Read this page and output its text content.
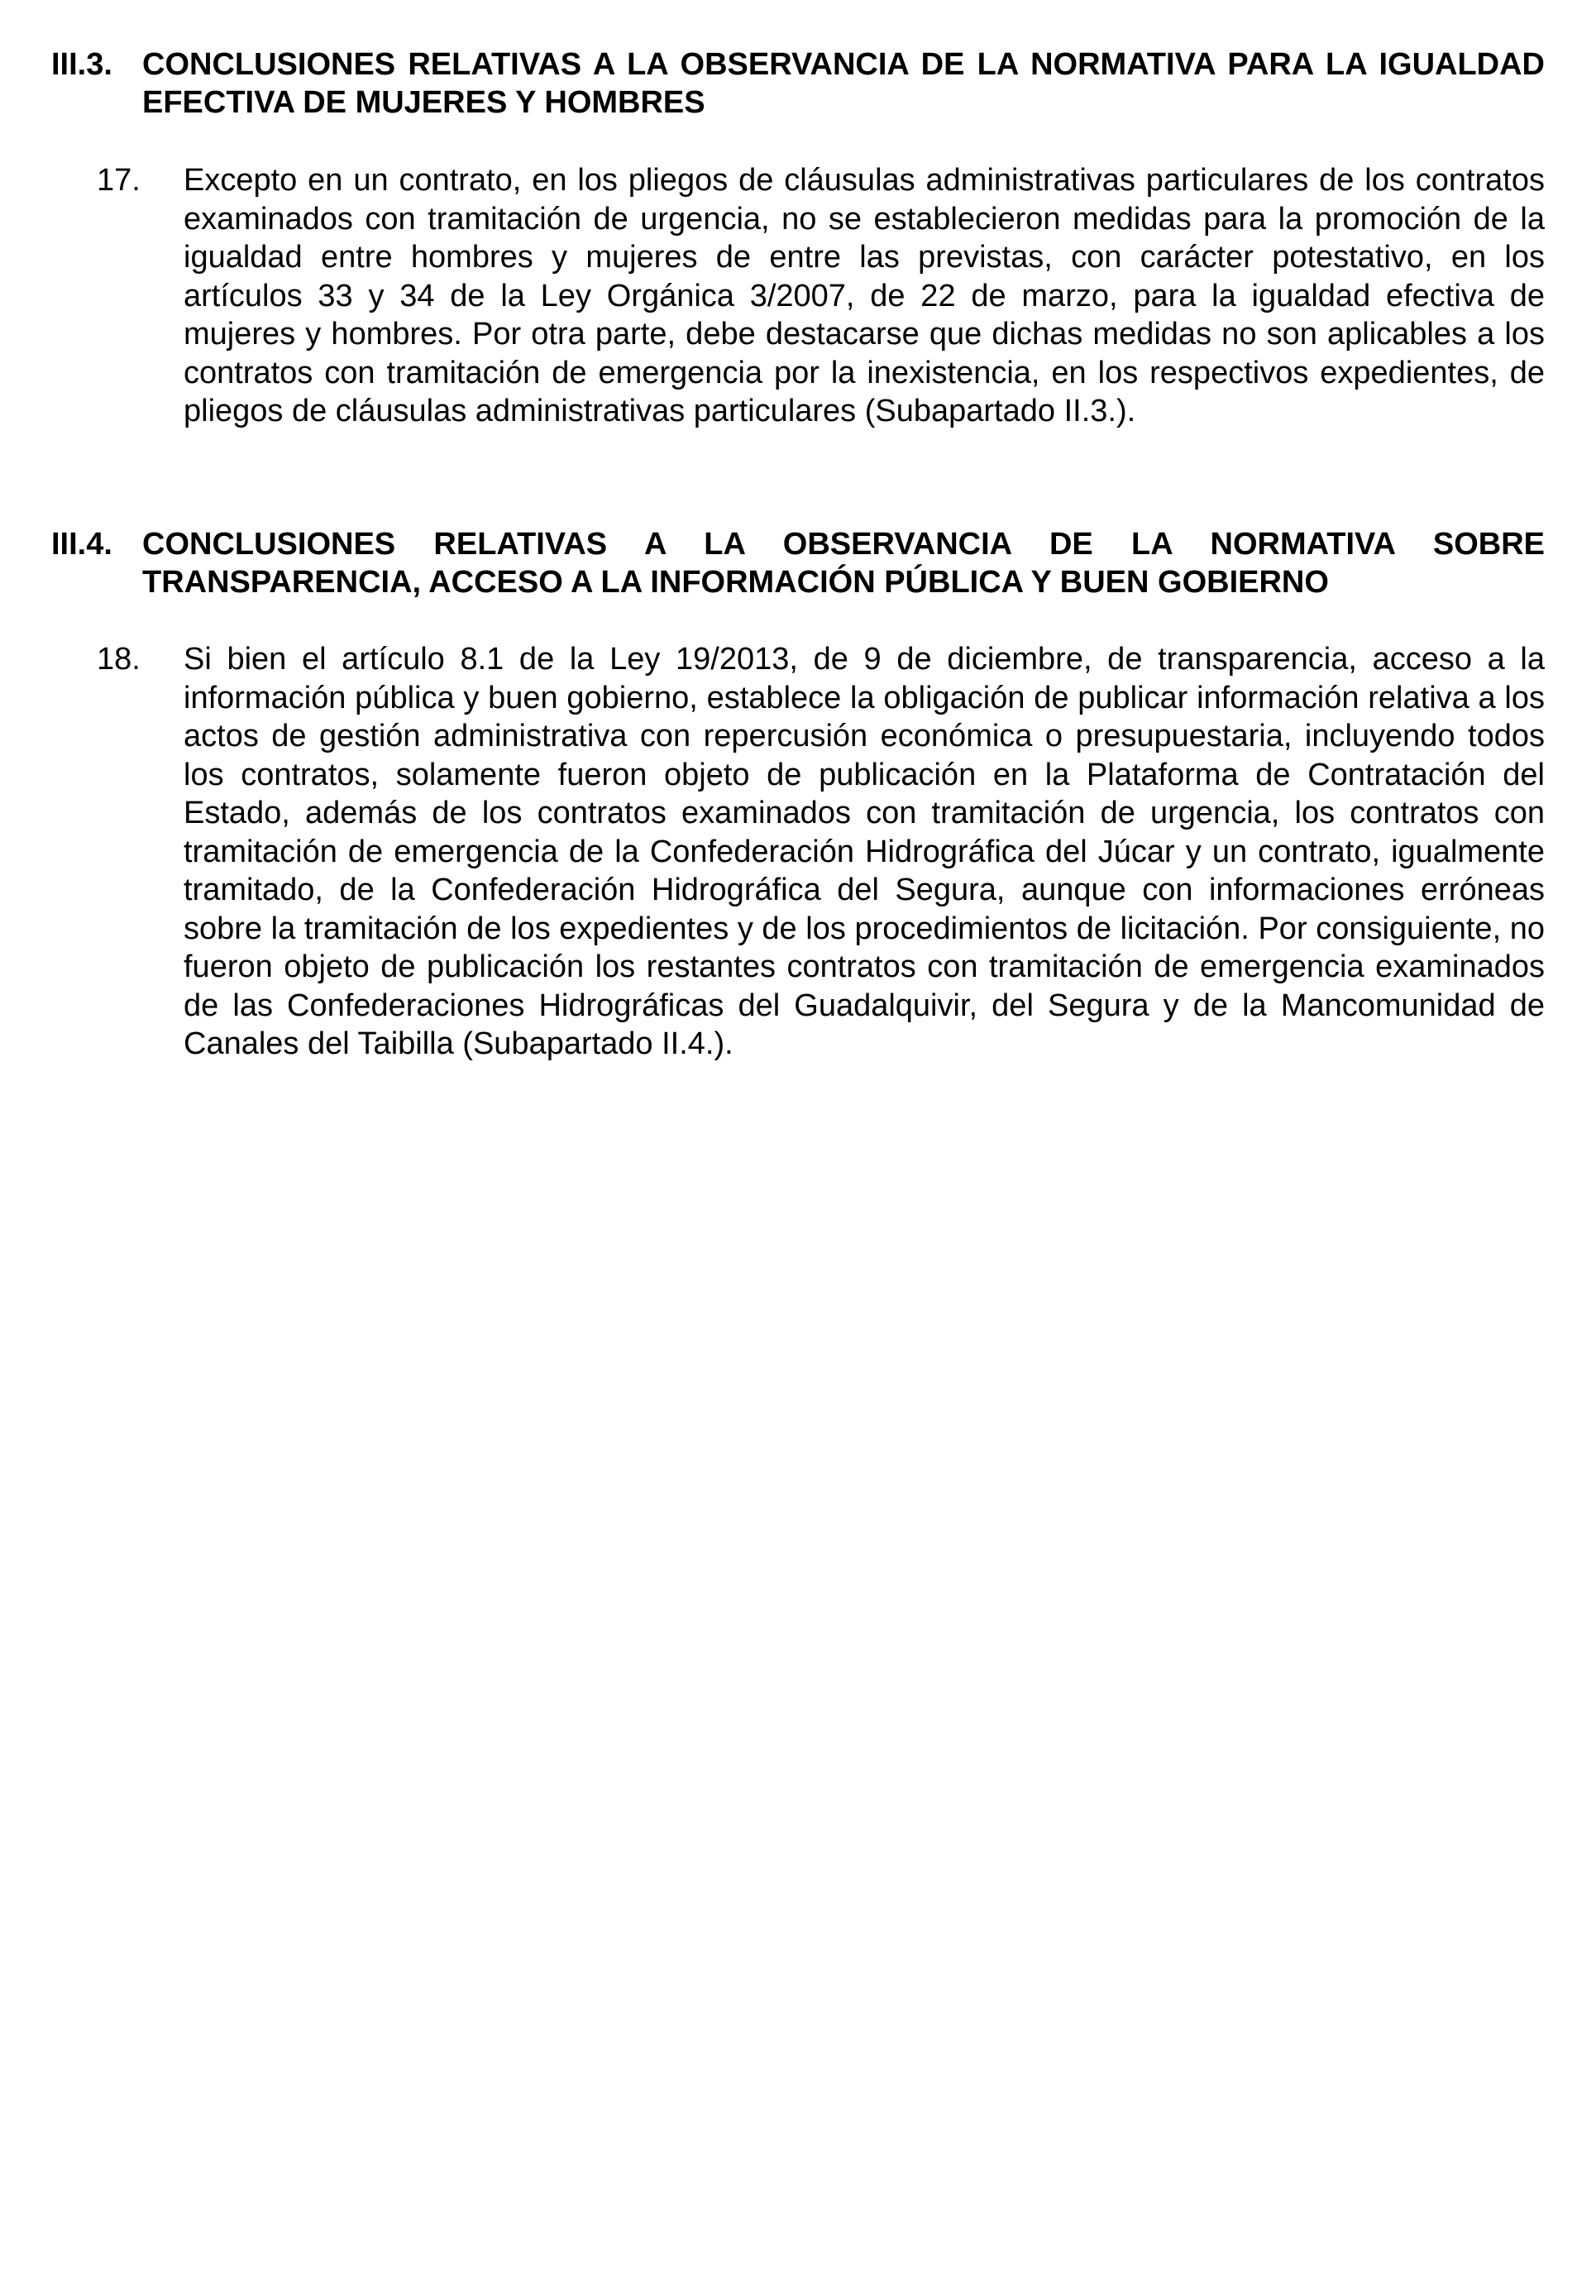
III.3. CONCLUSIONES RELATIVAS A LA OBSERVANCIA DE LA NORMATIVA PARA LA IGUALDAD EFECTIVA DE MUJERES Y HOMBRES
17. Excepto en un contrato, en los pliegos de cláusulas administrativas particulares de los contratos examinados con tramitación de urgencia, no se establecieron medidas para la promoción de la igualdad entre hombres y mujeres de entre las previstas, con carácter potestativo, en los artículos 33 y 34 de la Ley Orgánica 3/2007, de 22 de marzo, para la igualdad efectiva de mujeres y hombres. Por otra parte, debe destacarse que dichas medidas no son aplicables a los contratos con tramitación de emergencia por la inexistencia, en los respectivos expedientes, de pliegos de cláusulas administrativas particulares (Subapartado II.3.).
III.4. CONCLUSIONES RELATIVAS A LA OBSERVANCIA DE LA NORMATIVA SOBRE TRANSPARENCIA, ACCESO A LA INFORMACIÓN PÚBLICA Y BUEN GOBIERNO
18. Si bien el artículo 8.1 de la Ley 19/2013, de 9 de diciembre, de transparencia, acceso a la información pública y buen gobierno, establece la obligación de publicar información relativa a los actos de gestión administrativa con repercusión económica o presupuestaria, incluyendo todos los contratos, solamente fueron objeto de publicación en la Plataforma de Contratación del Estado, además de los contratos examinados con tramitación de urgencia, los contratos con tramitación de emergencia de la Confederación Hidrográfica del Júcar y un contrato, igualmente tramitado, de la Confederación Hidrográfica del Segura, aunque con informaciones erróneas sobre la tramitación de los expedientes y de los procedimientos de licitación. Por consiguiente, no fueron objeto de publicación los restantes contratos con tramitación de emergencia examinados de las Confederaciones Hidrográficas del Guadalquivir, del Segura y de la Mancomunidad de Canales del Taibilla (Subapartado II.4.).
